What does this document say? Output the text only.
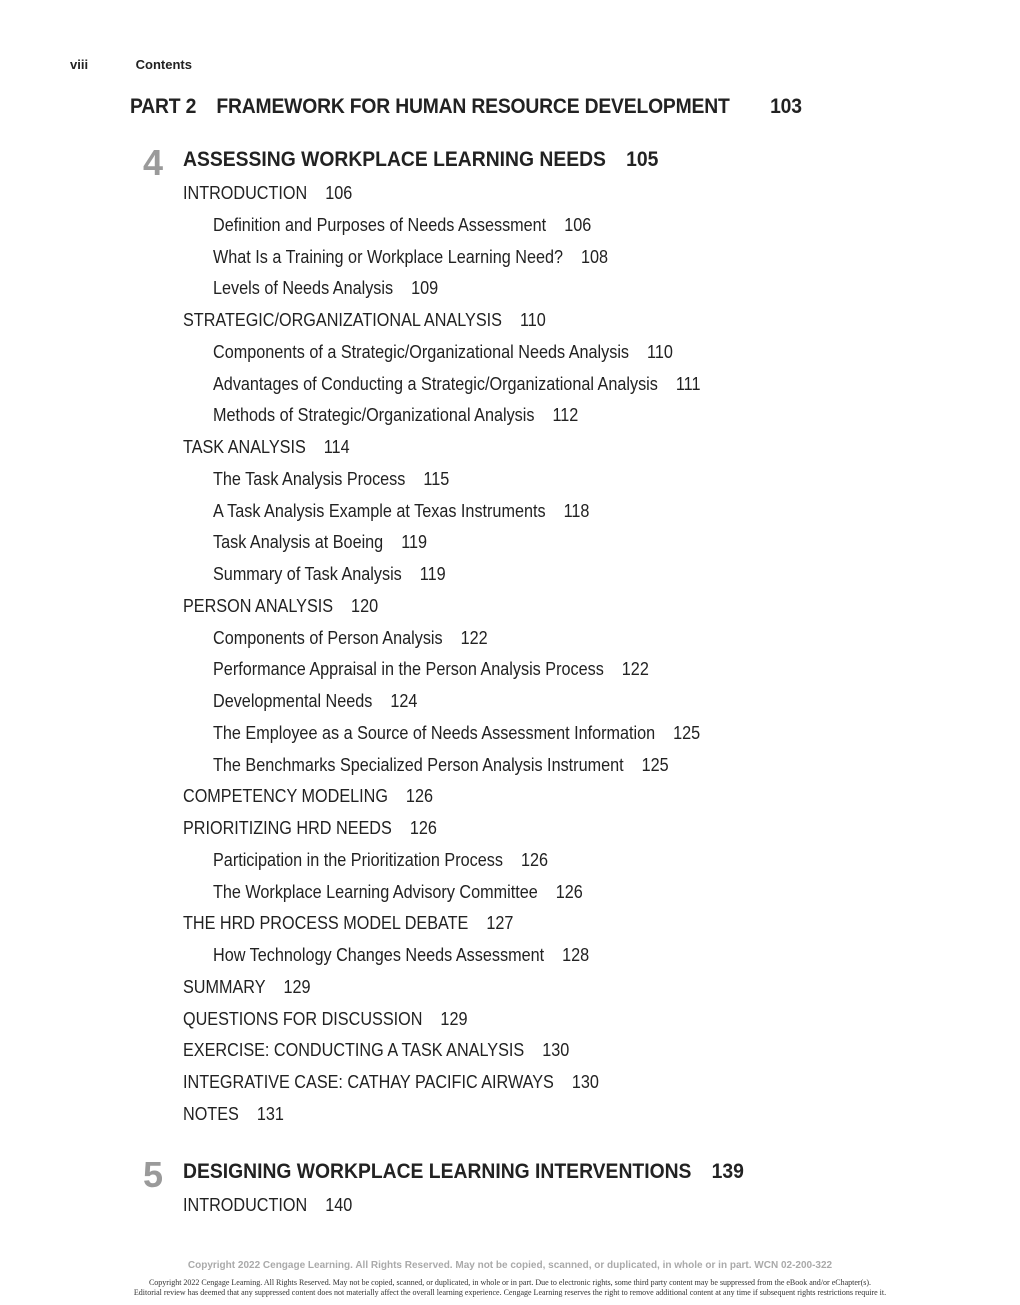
viii	Contents
PART 2 FRAMEWORK FOR HUMAN RESOURCE DEVELOPMENT 103
4 ASSESSING WORKPLACE LEARNING NEEDS 105
INTRODUCTION 106
Definition and Purposes of Needs Assessment 106
What Is a Training or Workplace Learning Need? 108
Levels of Needs Analysis 109
STRATEGIC/ORGANIZATIONAL ANALYSIS 110
Components of a Strategic/Organizational Needs Analysis 110
Advantages of Conducting a Strategic/Organizational Analysis 111
Methods of Strategic/Organizational Analysis 112
TASK ANALYSIS 114
The Task Analysis Process 115
A Task Analysis Example at Texas Instruments 118
Task Analysis at Boeing 119
Summary of Task Analysis 119
PERSON ANALYSIS 120
Components of Person Analysis 122
Performance Appraisal in the Person Analysis Process 122
Developmental Needs 124
The Employee as a Source of Needs Assessment Information 125
The Benchmarks Specialized Person Analysis Instrument 125
COMPETENCY MODELING 126
PRIORITIZING HRD NEEDS 126
Participation in the Prioritization Process 126
The Workplace Learning Advisory Committee 126
THE HRD PROCESS MODEL DEBATE 127
How Technology Changes Needs Assessment 128
SUMMARY 129
QUESTIONS FOR DISCUSSION 129
EXERCISE: CONDUCTING A TASK ANALYSIS 130
INTEGRATIVE CASE: CATHAY PACIFIC AIRWAYS 130
NOTES 131
5 DESIGNING WORKPLACE LEARNING INTERVENTIONS 139
INTRODUCTION 140
Copyright 2022 Cengage Learning. All Rights Reserved. May not be copied, scanned, or duplicated, in whole or in part. WCN 02-200-322
Copyright 2022 Cengage Learning. All Rights Reserved. May not be copied, scanned, or duplicated, in whole or in part. Due to electronic rights, some third party content may be suppressed from the eBook and/or eChapter(s).
Editorial review has deemed that any suppressed content does not materially affect the overall learning experience. Cengage Learning reserves the right to remove additional content at any time if subsequent rights restrictions require it.
